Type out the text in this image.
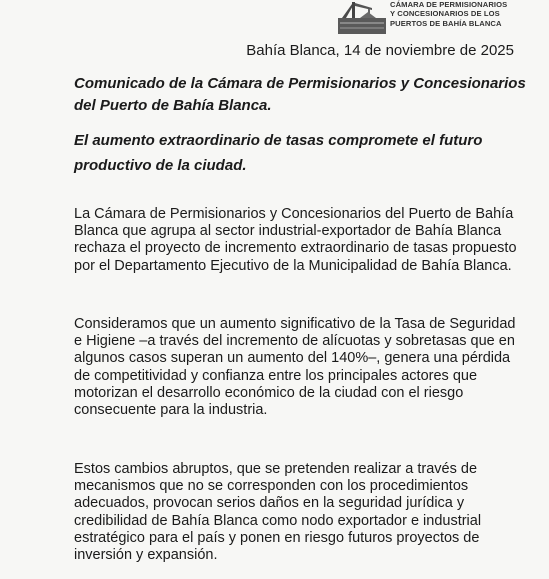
CÁMARA DE PERMISIONARIOS
Y CONCESIONARIOS DE LOS
PUERTOS DE BAHÍA BLANCA
Bahía Blanca, 14 de noviembre de 2025
Comunicado de la Cámara de Permisionarios y Concesionarios del Puerto de Bahía Blanca.
El aumento extraordinario de tasas compromete el futuro productivo de la ciudad.

La Cámara de Permisionarios y Concesionarios del Puerto de Bahía Blanca que agrupa al sector industrial-exportador de Bahía Blanca rechaza el proyecto de incremento extraordinario de tasas propuesto por el Departamento Ejecutivo de la Municipalidad de Bahía Blanca.

Consideramos que un aumento significativo de la Tasa de Seguridad e Higiene –a través del incremento de alícuotas y sobretasas que en algunos casos superan un aumento del 140%–, genera una pérdida de competitividad y confianza entre los principales actores que motorizan el desarrollo económico de la ciudad con el riesgo consecuente para la industria.

Estos cambios abruptos, que se pretenden realizar a través de mecanismos que no se corresponden con los procedimientos adecuados, provocan serios daños en la seguridad jurídica y credibilidad de Bahía Blanca como nodo exportador e industrial estratégico para el país y ponen en riesgo futuros proyectos de inversión y expansión.
